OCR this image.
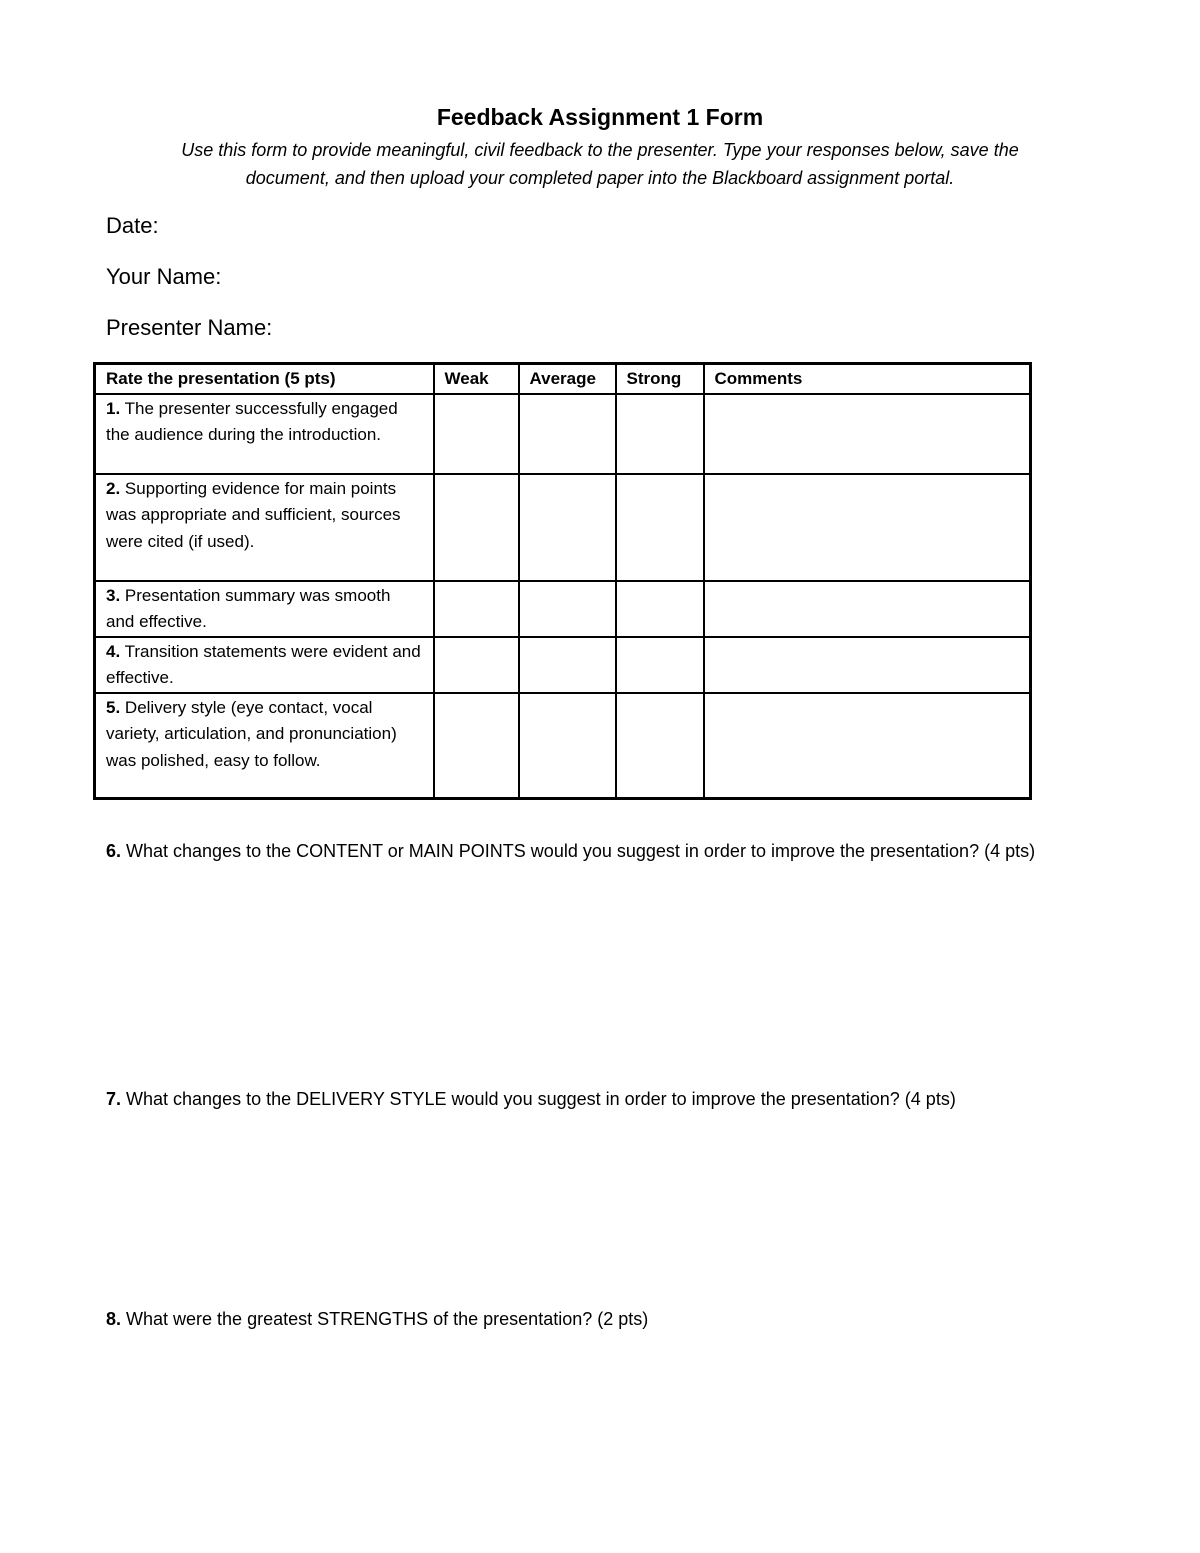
Feedback Assignment 1 Form
Use this form to provide meaningful, civil feedback to the presenter. Type your responses below, save the
document, and then upload your completed paper into the Blackboard assignment portal.
Date:
Your Name:
Presenter Name:
Rate the presentation (5 pts)	Weak	Average	Strong	Comments
1. The presenter successfully engaged the audience during the introduction.				
2. Supporting evidence for main points was appropriate and sufficient, sources were cited (if used).				
3. Presentation summary was smooth and effective.				
4. Transition statements were evident and effective.				
5. Delivery style (eye contact, vocal variety, articulation, and pronunciation) was polished, easy to follow.				
6. What changes to the CONTENT or MAIN POINTS would you suggest in order to improve the presentation? (4 pts)
7. What changes to the DELIVERY STYLE would you suggest in order to improve the presentation? (4 pts)
8. What were the greatest STRENGTHS of the presentation? (2 pts)
